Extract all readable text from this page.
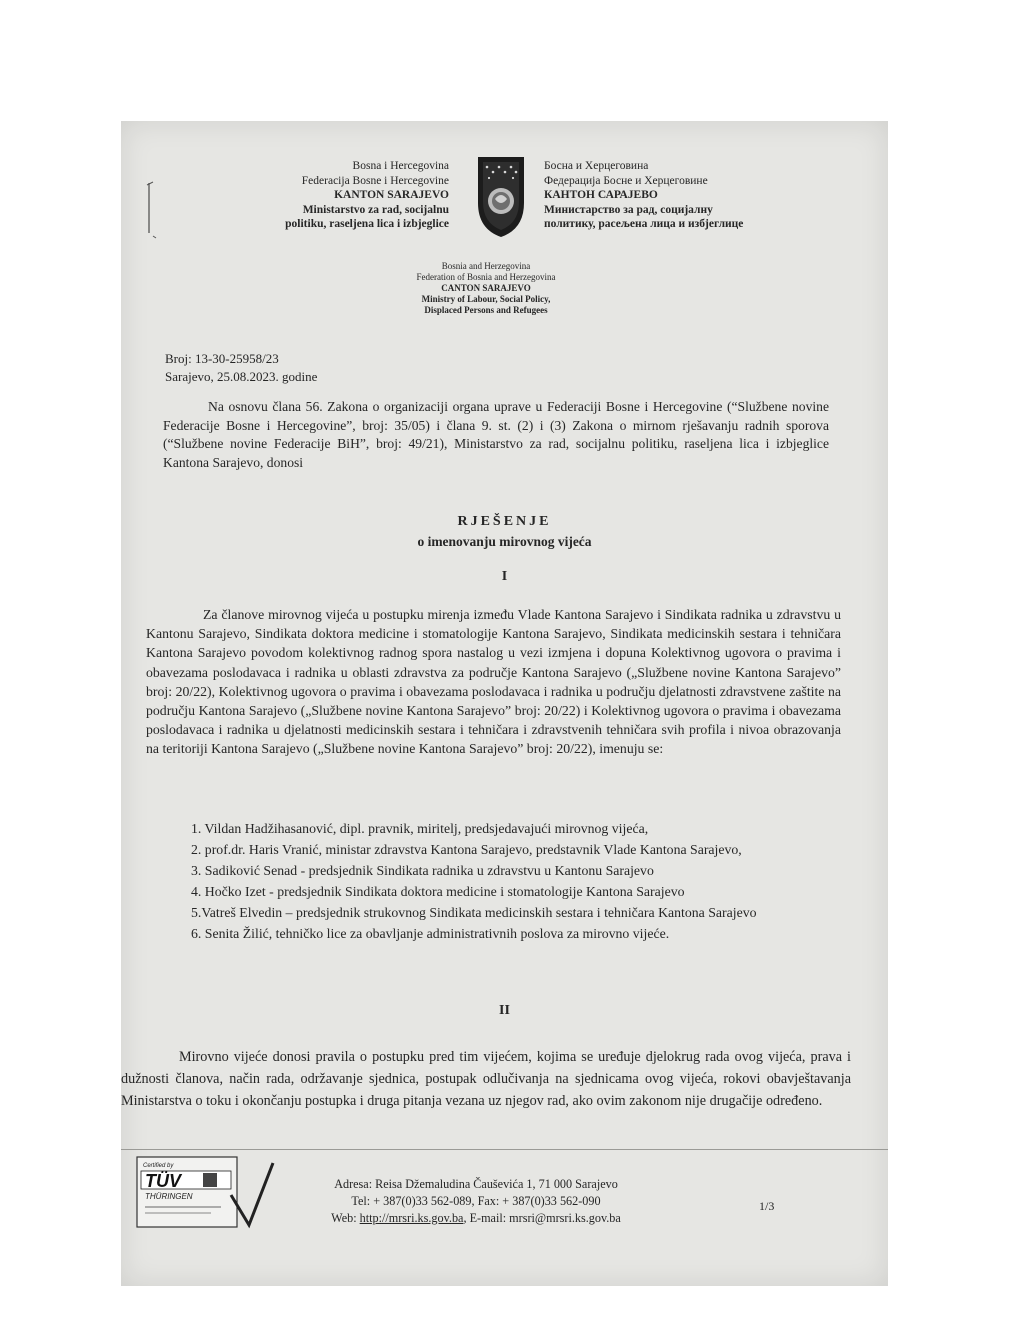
Bosna i Hercegovina
Federacija Bosne i Hercegovine
KANTON SARAJEVO
Ministarstvo za rad, socijalnu
politiku, raseljena lica i izbjeglice
Босна и Херцеговина
Федерација Босне и Херцеговине
КАНТОН САРАЈЕВО
Министарство за рад, социјалну
политику, расељена лица и избјеглице
Bosnia and Herzegovina
Federation of Bosnia and Herzegovina
CANTON SARAJEVO
Ministry of Labour, Social Policy,
Displaced Persons and Refugees
Broj: 13-30-25958/23
Sarajevo, 25.08.2023. godine
Na osnovu člana 56. Zakona o organizaciji organa uprave u Federaciji Bosne i Hercegovine (“Službene novine Federacije Bosne i Hercegovine”, broj: 35/05) i člana 9. st. (2) i (3) Zakona o mirnom rješavanju radnih sporova (“Službene novine Federacije BiH”, broj: 49/21), Ministarstvo za rad, socijalnu politiku, raseljena lica i izbjeglice Kantona Sarajevo, donosi
RJEŠENJE
o imenovanju mirovnog vijeća
I
Za članove mirovnog vijeća u postupku mirenja između Vlade Kantona Sarajevo i Sindikata radnika u zdravstvu u Kantonu Sarajevo, Sindikata doktora medicine i stomatologije Kantona Sarajevo, Sindikata medicinskih sestara i tehničara Kantona Sarajevo povodom kolektivnog radnog spora nastalog u vezi izmjena i dopuna Kolektivnog ugovora o pravima i obavezama poslodavaca i radnika u oblasti zdravstva za područje Kantona Sarajevo („Službene novine Kantona Sarajevo” broj: 20/22), Kolektivnog ugovora o pravima i obavezama poslodavaca i radnika u području djelatnosti zdravstvene zaštite na području Kantona Sarajevo („Službene novine Kantona Sarajevo” broj: 20/22) i Kolektivnog ugovora o pravima i obavezama poslodavaca i radnika u djelatnosti medicinskih sestara i tehničara i zdravstvenih tehničara svih profila i nivoa obrazovanja na teritoriji Kantona Sarajevo („Službene novine Kantona Sarajevo” broj: 20/22), imenuju se:
1. Vildan Hadžihasanović, dipl. pravnik, miritelj, predsjedavajući mirovnog vijeća,
2. prof.dr. Haris Vranić, ministar zdravstva Kantona Sarajevo, predstavnik Vlade Kantona Sarajevo,
3. Sadiković Senad - predsjednik Sindikata radnika u zdravstvu u Kantonu Sarajevo
4. Hočko Izet - predsjednik Sindikata doktora medicine i stomatologije Kantona Sarajevo
5.Vatreš Elvedin – predsjednik strukovnog Sindikata medicinskih sestara i tehničara Kantona Sarajevo
6. Senita Žilić, tehničko lice za obavljanje administrativnih poslova za mirovno vijeće.
II
Mirovno vijeće donosi pravila o postupku pred tim vijećem, kojima se uređuje djelokrug rada ovog vijeća, prava i dužnosti članova, način rada, održavanje sjednica, postupak odlučivanja na sjednicama ovog vijeća, rokovi obavještavanja Ministarstva o toku i okončanju postupka i druga pitanja vezana uz njegov rad, ako ovim zakonom nije drugačije određeno.
Certified by
TÜV
THÜRINGEN
Adresa: Reisa Džemaludina Čauševića 1, 71 000 Sarajevo
Tel: + 387(0)33 562-089, Fax: + 387(0)33 562-090
Web: http://mrsri.ks.gov.ba, E-mail: mrsri@mrsri.ks.gov.ba
1/3
